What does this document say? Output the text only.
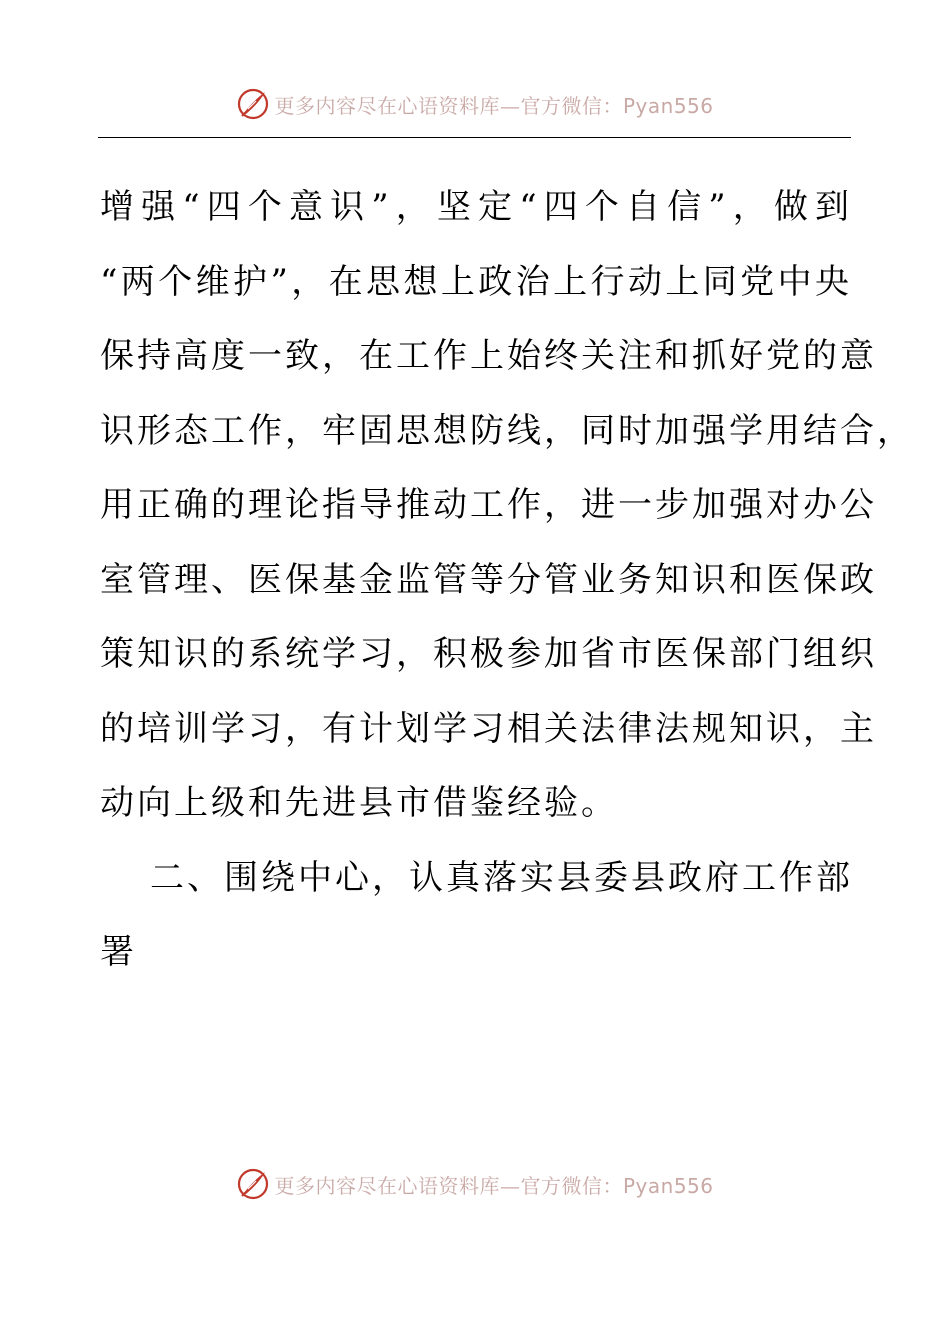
更多内容尽在心语资料库—官方微信：Pyan556
增强“四个意识”，坚定“四个自信”，做到
“两个维护”，在思想上政治上行动上同党中央
保持高度一致，在工作上始终关注和抓好党的意
识形态工作，牢固思想防线，同时加强学用结合，
用正确的理论指导推动工作，进一步加强对办公
室管理、医保基金监管等分管业务知识和医保政
策知识的系统学习，积极参加省市医保部门组织
的培训学习，有计划学习相关法律法规知识，主
动向上级和先进县市借鉴经验。
二、围绕中心，认真落实县委县政府工作部
署
更多内容尽在心语资料库—官方微信：Pyan556
